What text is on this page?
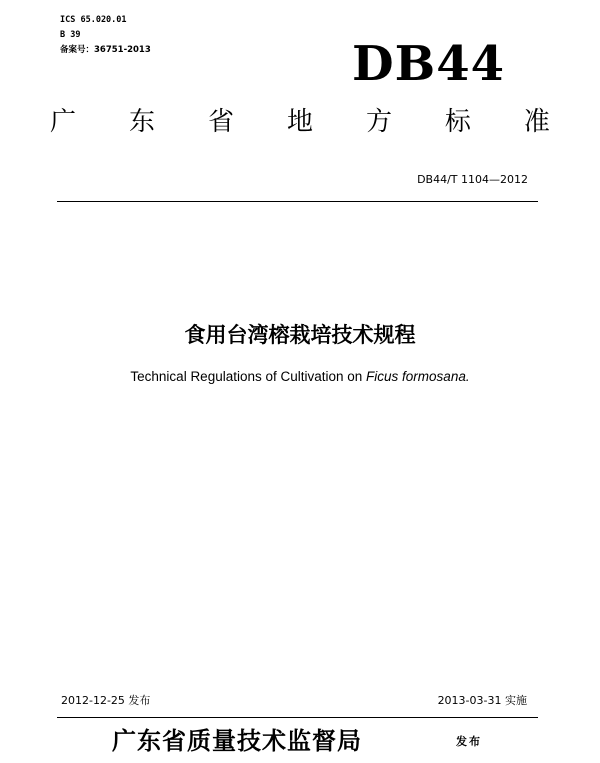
ICS 65.020.01
B 39
备案号：36751-2013	DB44
广 东 省 地 方 标 准
DB44/T 1104—2012
食用台湾榕栽培技术规程
Technical Regulations of Cultivation on Ficus formosana.
2012-12-25 发布	2013-03-31 实施
广东省质量技术监督局	发布
